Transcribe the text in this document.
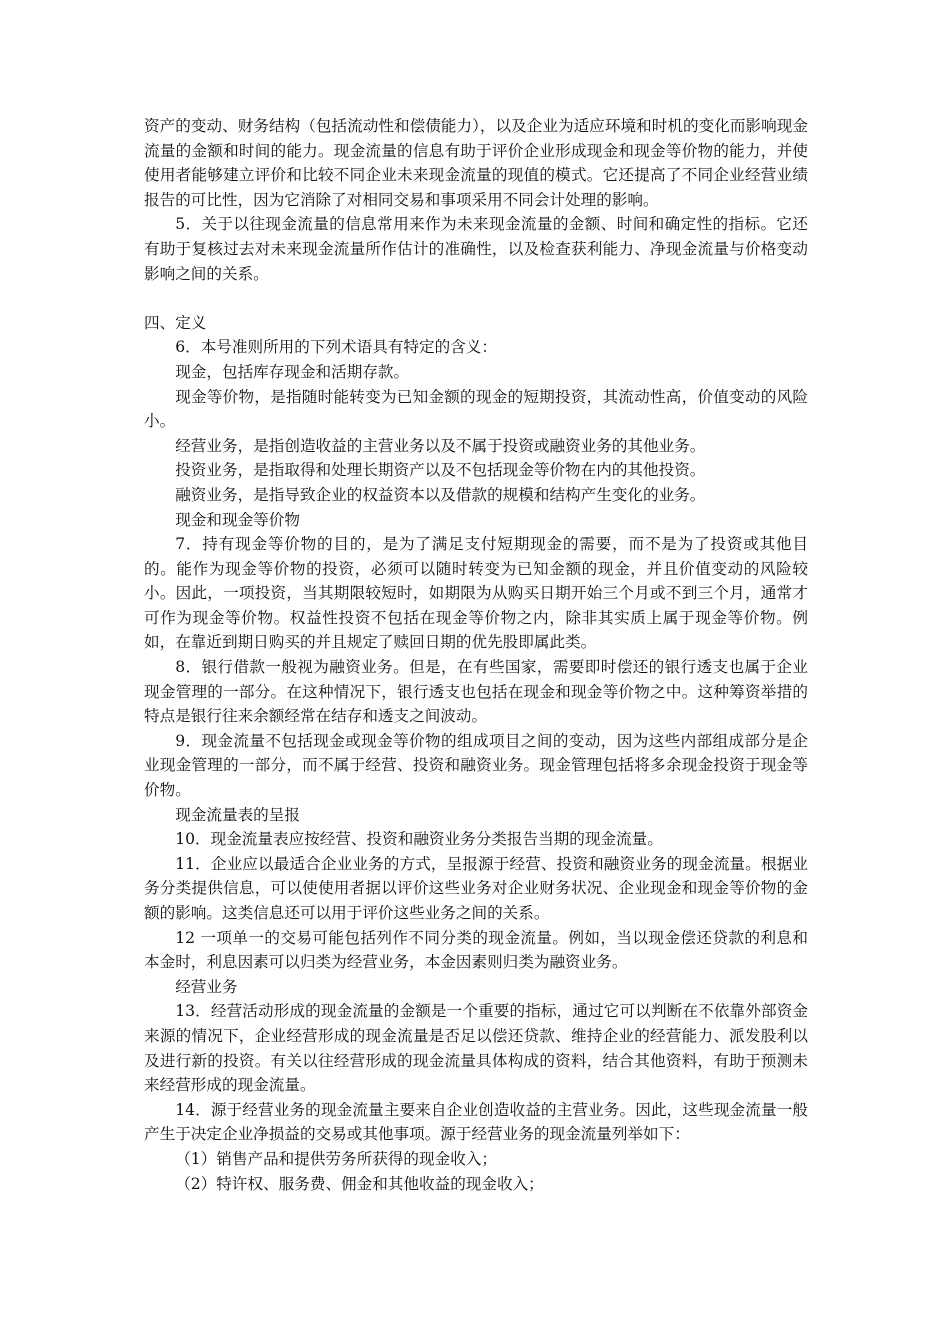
资产的变动、财务结构（包括流动性和偿债能力），以及企业为适应环境和时机的变化而影响现金流量的金额和时间的能力。现金流量的信息有助于评价企业形成现金和现金等价物的能力，并使使用者能够建立评价和比较不同企业未来现金流量的现值的模式。它还提高了不同企业经营业绩报告的可比性，因为它消除了对相同交易和事项采用不同会计处理的影响。

5．关于以往现金流量的信息常用来作为未来现金流量的金额、时间和确定性的指标。它还有助于复核过去对未来现金流量所作估计的准确性，以及检查获利能力、净现金流量与价格变动影响之间的关系。

四、定义

6．本号准则所用的下列术语具有特定的含义：

现金，包括库存现金和活期存款。

现金等价物，是指随时能转变为已知金额的现金的短期投资，其流动性高，价值变动的风险小。

经营业务，是指创造收益的主营业务以及不属于投资或融资业务的其他业务。

投资业务，是指取得和处理长期资产以及不包括现金等价物在内的其他投资。

融资业务，是指导致企业的权益资本以及借款的规模和结构产生变化的业务。

现金和现金等价物

7．持有现金等价物的目的，是为了满足支付短期现金的需要，而不是为了投资或其他目的。能作为现金等价物的投资，必须可以随时转变为已知金额的现金，并且价值变动的风险较小。因此，一项投资，当其期限较短时，如期限为从购买日期开始三个月或不到三个月，通常才可作为现金等价物。权益性投资不包括在现金等价物之内，除非其实质上属于现金等价物。例如，在靠近到期日购买的并且规定了赎回日期的优先股即属此类。

8．银行借款一般视为融资业务。但是，在有些国家，需要即时偿还的银行透支也属于企业现金管理的一部分。在这种情况下，银行透支也包括在现金和现金等价物之中。这种筹资举措的特点是银行往来余额经常在结存和透支之间波动。

9．现金流量不包括现金或现金等价物的组成项目之间的变动，因为这些内部组成部分是企业现金管理的一部分，而不属于经营、投资和融资业务。现金管理包括将多余现金投资于现金等价物。

现金流量表的呈报

10．现金流量表应按经营、投资和融资业务分类报告当期的现金流量。

11．企业应以最适合企业业务的方式，呈报源于经营、投资和融资业务的现金流量。根据业务分类提供信息，可以使使用者据以评价这些业务对企业财务状况、企业现金和现金等价物的金额的影响。这类信息还可以用于评价这些业务之间的关系。

12 一项单一的交易可能包括列作不同分类的现金流量。例如，当以现金偿还贷款的利息和本金时，利息因素可以归类为经营业务，本金因素则归类为融资业务。

经营业务

13．经营活动形成的现金流量的金额是一个重要的指标，通过它可以判断在不依靠外部资金来源的情况下，企业经营形成的现金流量是否足以偿还贷款、维持企业的经营能力、派发股利以及进行新的投资。有关以往经营形成的现金流量具体构成的资料，结合其他资料，有助于预测未来经营形成的现金流量。

14．源于经营业务的现金流量主要来自企业创造收益的主营业务。因此，这些现金流量一般产生于决定企业净损益的交易或其他事项。源于经营业务的现金流量列举如下：

（1）销售产品和提供劳务所获得的现金收入；

（2）特许权、服务费、佣金和其他收益的现金收入；
